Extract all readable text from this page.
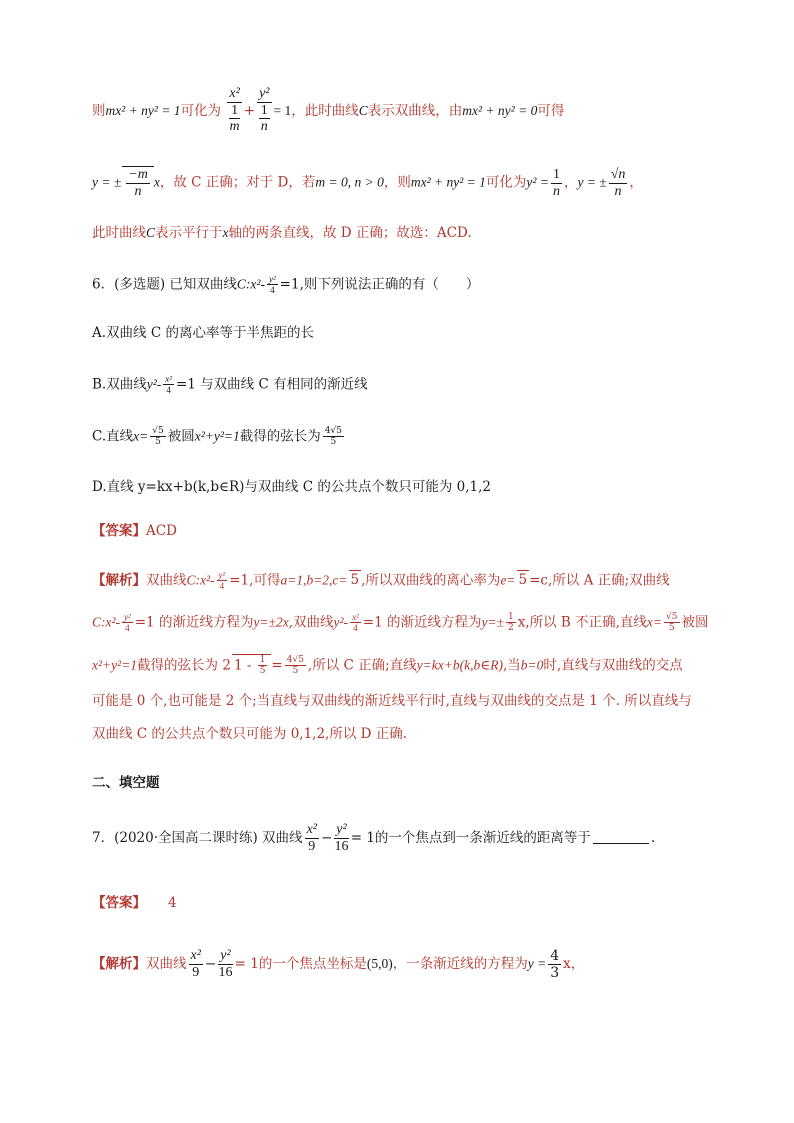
则mx² + ny² = 1可化为 $\frac{\text{x²}}{\frac{1}{m}} + \frac{\text{y²}}{\frac{1}{n}} = 1$，此时曲线C表示双曲线，由mx² + ny² = 0可得
y = ± $\frac{-m}{n}$ x，故 C 正确；对于 D，若m = 0, n > 0，则mx² + ny² = 1可化为$y^2 = \frac{1}{n}$ ，y = ± $\frac{√n}{n}$ ，
此时曲线C表示平行于x轴的两条直线，故 D 正确；故选：ACD.
6．(多选题) 已知双曲线C:x²- $\frac{\text{y²}}{4} =1$,则下列说法正确的有（　　）
A.双曲线 C 的离心率等于半焦距的长
B.双曲线$y^2- \frac{\text{x²}}{4} =1$ 与双曲线 C 有相同的渐近线
C.直线$x= \frac{√5}{5}$ 被圆x²+y²=1截得的弦长为 $\frac{4√5}{5}$
D.直线 y=kx+b(k,b∈R)与双曲线 C 的公共点个数只可能为 0,1,2
【答案】ACD
【解析】双曲线C:x²- $\frac{\text{y²}}{4} =1$,可得a=1,b=2,c= 5 ,所以双曲线的离心率为e= 5 =c,所以 A 正确;双曲线
C:x²- $\frac{\text{y²}}{4} =1$ 的渐近线方程为y=±2x,双曲线$y^2- \frac{\text{x²}}{4} =1$ 的渐近线方程为$y=\pm \frac{1}{2} x$,所以 B 不正确,直线$x= \frac{√5}{5}$ 被圆
x²+y²=1截得的弦长为 2 $1 - \frac{1}{5} = \frac{4√5}{5}$ ,所以 C 正确;直线y=kx+b(k,b∈R),当b=0时,直线与双曲线的交点
可能是 0 个,也可能是 2 个;当直线与双曲线的渐近线平行时,直线与双曲线的交点是 1 个. 所以直线与
双曲线 C 的公共点个数只可能为 0,1,2,所以 D 正确.
二、填空题
7．(2020·全国高二课时练) 双曲线 $\frac{\text{x²}}{9} - \frac{\text{y²}}{16} = 1$的一个焦点到一条渐近线的距离等于	.
【答案】 4
【解析】双曲线 $\frac{\text{x²}}{9} - \frac{\text{y²}}{16} = 1$的一个焦点坐标是(5,0)，一条渐近线的方程为$y = \frac{4}{3}$ x，
